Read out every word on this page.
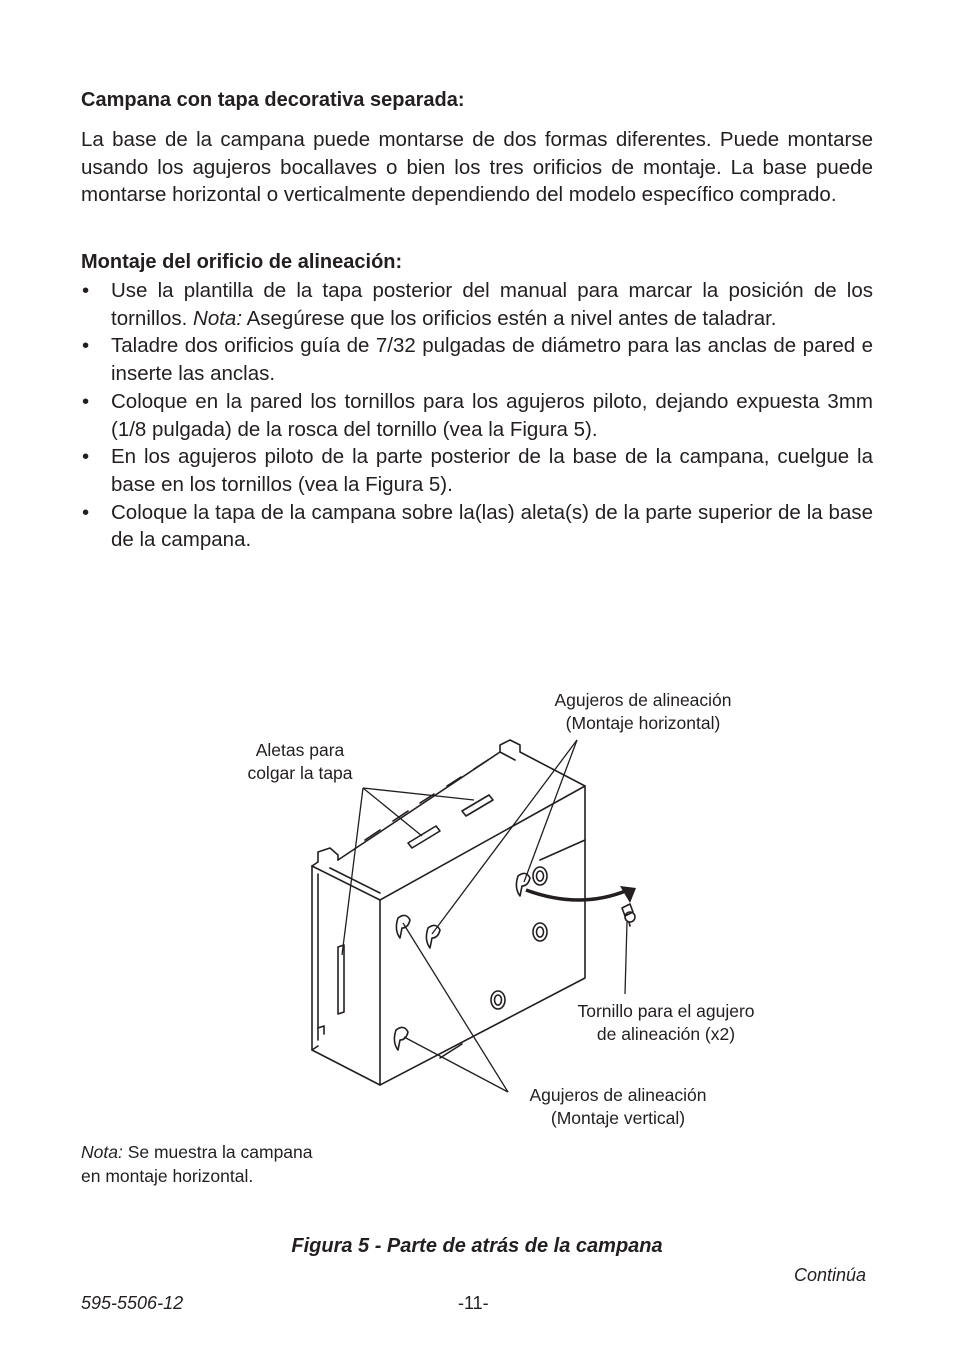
Campana con tapa decorativa separada:

La base de la campana puede montarse de dos formas diferentes. Puede montarse usando los agujeros bocallaves o bien los tres orificios de montaje. La base puede montarse horizontal o verticalmente dependiendo del modelo específico comprado.

Montaje del orificio de alineación:
• Use la plantilla de la tapa posterior del manual para marcar la posición de los tornillos. Nota: Asegúrese que los orificios estén a nivel antes de taladrar.
• Taladre dos orificios guía de 7/32 pulgadas de diámetro para las anclas de pared e inserte las anclas.
• Coloque en la pared los tornillos para los agujeros piloto, dejando expuesta 3mm (1/8 pulgada) de la rosca del tornillo (vea la Figura 5).
• En los agujeros piloto de la parte posterior de la base de la campana, cuelgue la base en los tornillos (vea la Figura 5).
• Coloque la tapa de la campana sobre la(las) aleta(s) de la parte superior de la base de la campana.
Agujeros de alineación
(Montaje horizontal)
Aletas para
colgar la tapa
Tornillo para el agujero
de alineación (x2)
Agujeros de alineación
(Montaje vertical)
Nota: Se muestra la campana
en montaje horizontal.
Figura 5 - Parte de atrás de la campana
Continúa
595-5506-12	-11-
